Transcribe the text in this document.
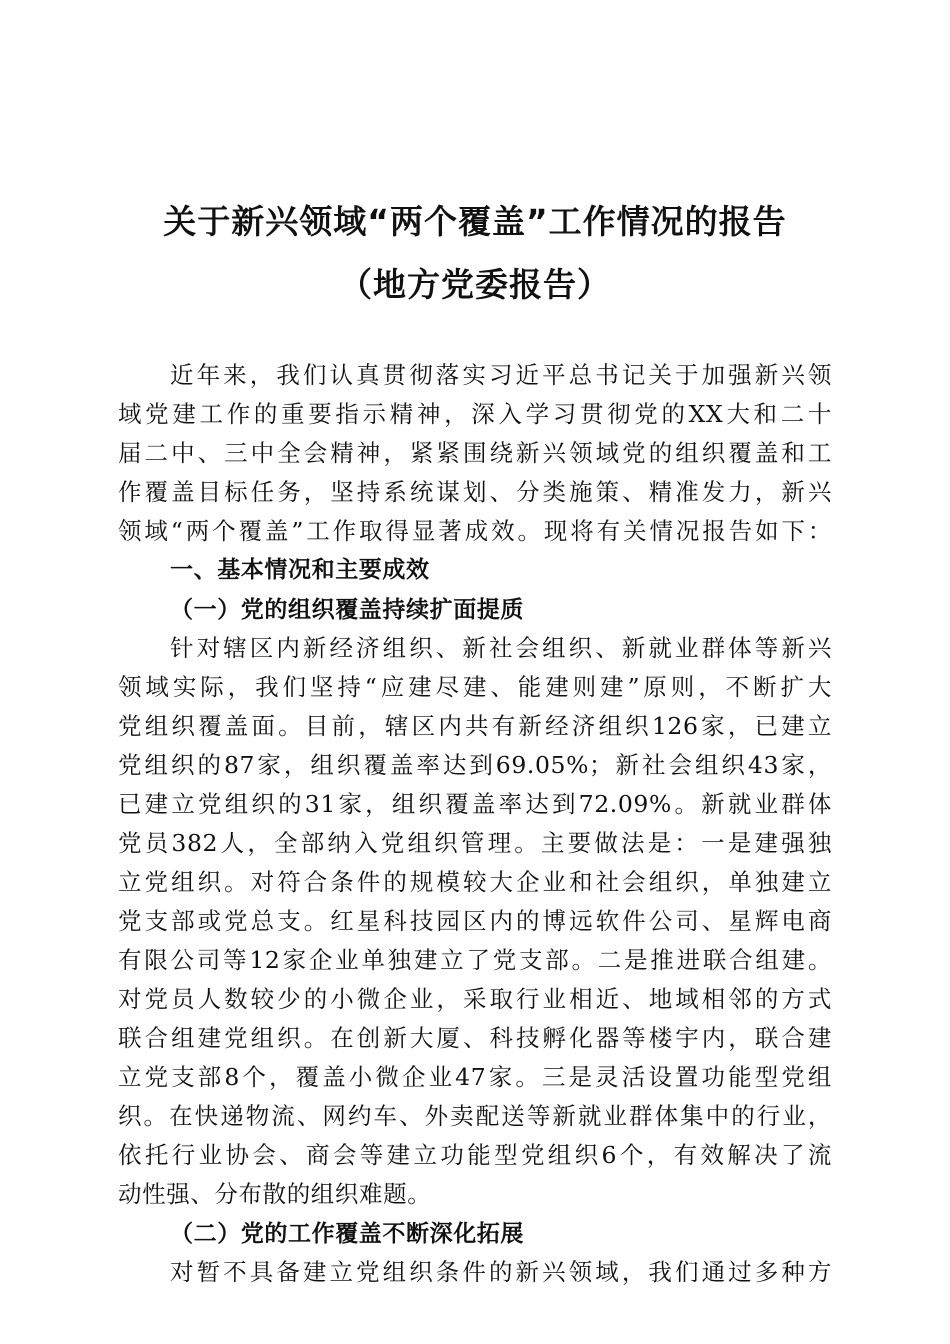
关于新兴领域“两个覆盖”工作情况的报告
（地方党委报告）
近年来，我们认真贯彻落实习近平总书记关于加强新兴领
域党建工作的重要指示精神，深入学习贯彻党的XX大和二十
届二中、三中全会精神，紧紧围绕新兴领域党的组织覆盖和工
作覆盖目标任务，坚持系统谋划、分类施策、精准发力，新兴
领域“两个覆盖”工作取得显著成效。现将有关情况报告如下：
一、基本情况和主要成效
（一）党的组织覆盖持续扩面提质
针对辖区内新经济组织、新社会组织、新就业群体等新兴
领域实际，我们坚持“应建尽建、能建则建”原则，不断扩大
党组织覆盖面。目前，辖区内共有新经济组织126家，已建立
党组织的87家，组织覆盖率达到69.05%；新社会组织43家，
已建立党组织的31家，组织覆盖率达到72.09%。新就业群体
党员382人，全部纳入党组织管理。主要做法是：一是建强独
立党组织。对符合条件的规模较大企业和社会组织，单独建立
党支部或党总支。红星科技园区内的博远软件公司、星辉电商
有限公司等12家企业单独建立了党支部。二是推进联合组建。
对党员人数较少的小微企业，采取行业相近、地域相邻的方式
联合组建党组织。在创新大厦、科技孵化器等楼宇内，联合建
立党支部8个，覆盖小微企业47家。三是灵活设置功能型党组
织。在快递物流、网约车、外卖配送等新就业群体集中的行业，
依托行业协会、商会等建立功能型党组织6个，有效解决了流
动性强、分布散的组织难题。
（二）党的工作覆盖不断深化拓展
对暂不具备建立党组织条件的新兴领域，我们通过多种方
